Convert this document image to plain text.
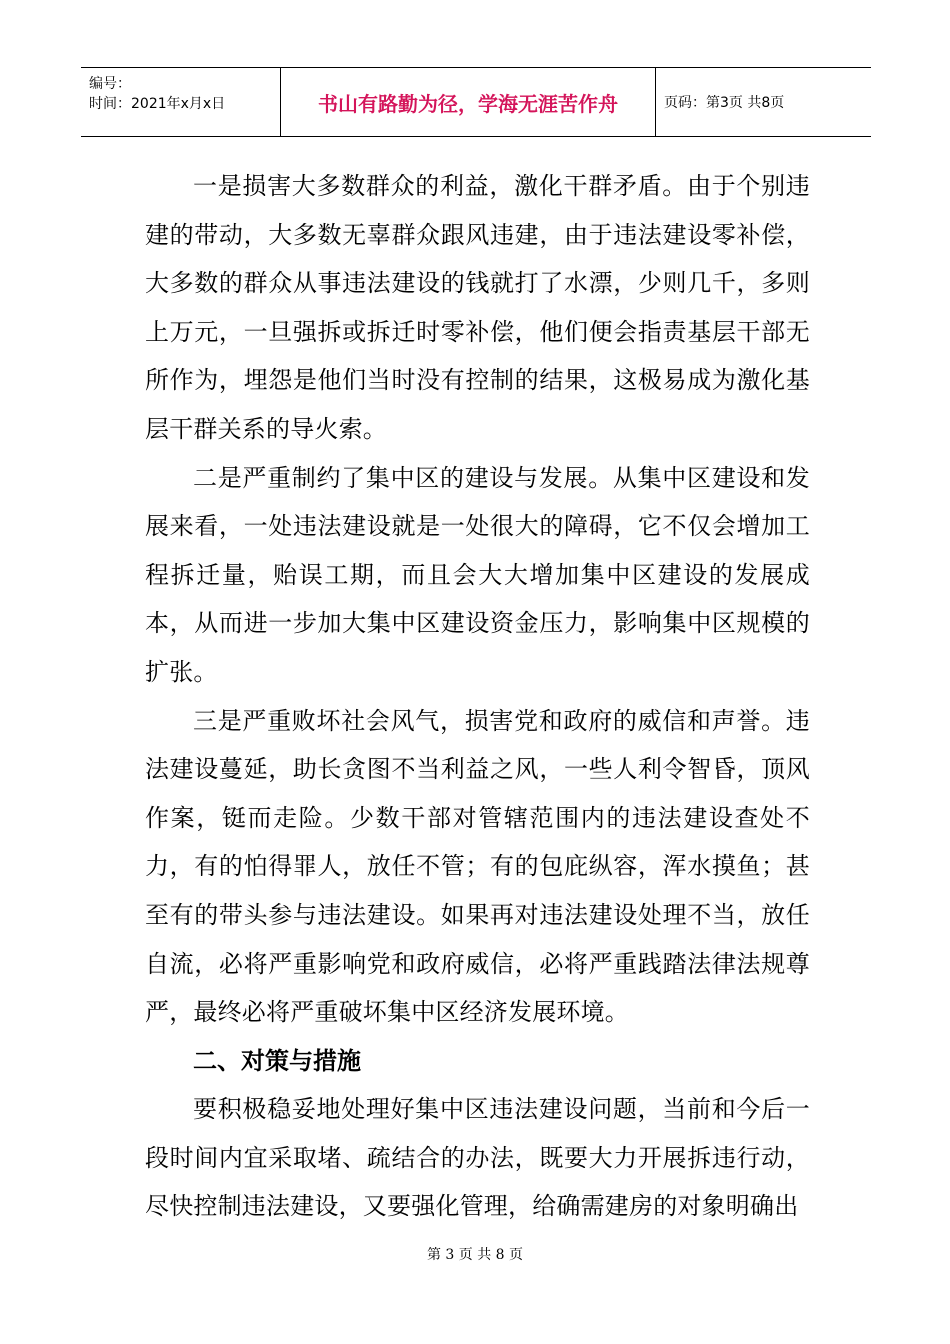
编号：
时间：2021年x月x日	书山有路勤为径，学海无涯苦作舟	页码：第3页 共8页

一是损害大多数群众的利益，激化干群矛盾。由于个别违建的带动，大多数无辜群众跟风违建，由于违法建设零补偿，大多数的群众从事违法建设的钱就打了水漂，少则几千，多则上万元，一旦强拆或拆迁时零补偿，他们便会指责基层干部无所作为，埋怨是他们当时没有控制的结果，这极易成为激化基层干群关系的导火索。

二是严重制约了集中区的建设与发展。从集中区建设和发展来看，一处违法建设就是一处很大的障碍，它不仅会增加工程拆迁量，贻误工期，而且会大大增加集中区建设的发展成本，从而进一步加大集中区建设资金压力，影响集中区规模的扩张。

三是严重败坏社会风气，损害党和政府的威信和声誉。违法建设蔓延，助长贪图不当利益之风，一些人利令智昏，顶风作案，铤而走险。少数干部对管辖范围内的违法建设查处不力，有的怕得罪人，放任不管；有的包庇纵容，浑水摸鱼；甚至有的带头参与违法建设。如果再对违法建设处理不当，放任自流，必将严重影响党和政府威信，必将严重践踏法律法规尊严，最终必将严重破坏集中区经济发展环境。

二、对策与措施

要积极稳妥地处理好集中区违法建设问题，当前和今后一段时间内宜采取堵、疏结合的办法，既要大力开展拆违行动，尽快控制违法建设，又要强化管理，给确需建房的对象明确出

第 3 页 共 8 页
